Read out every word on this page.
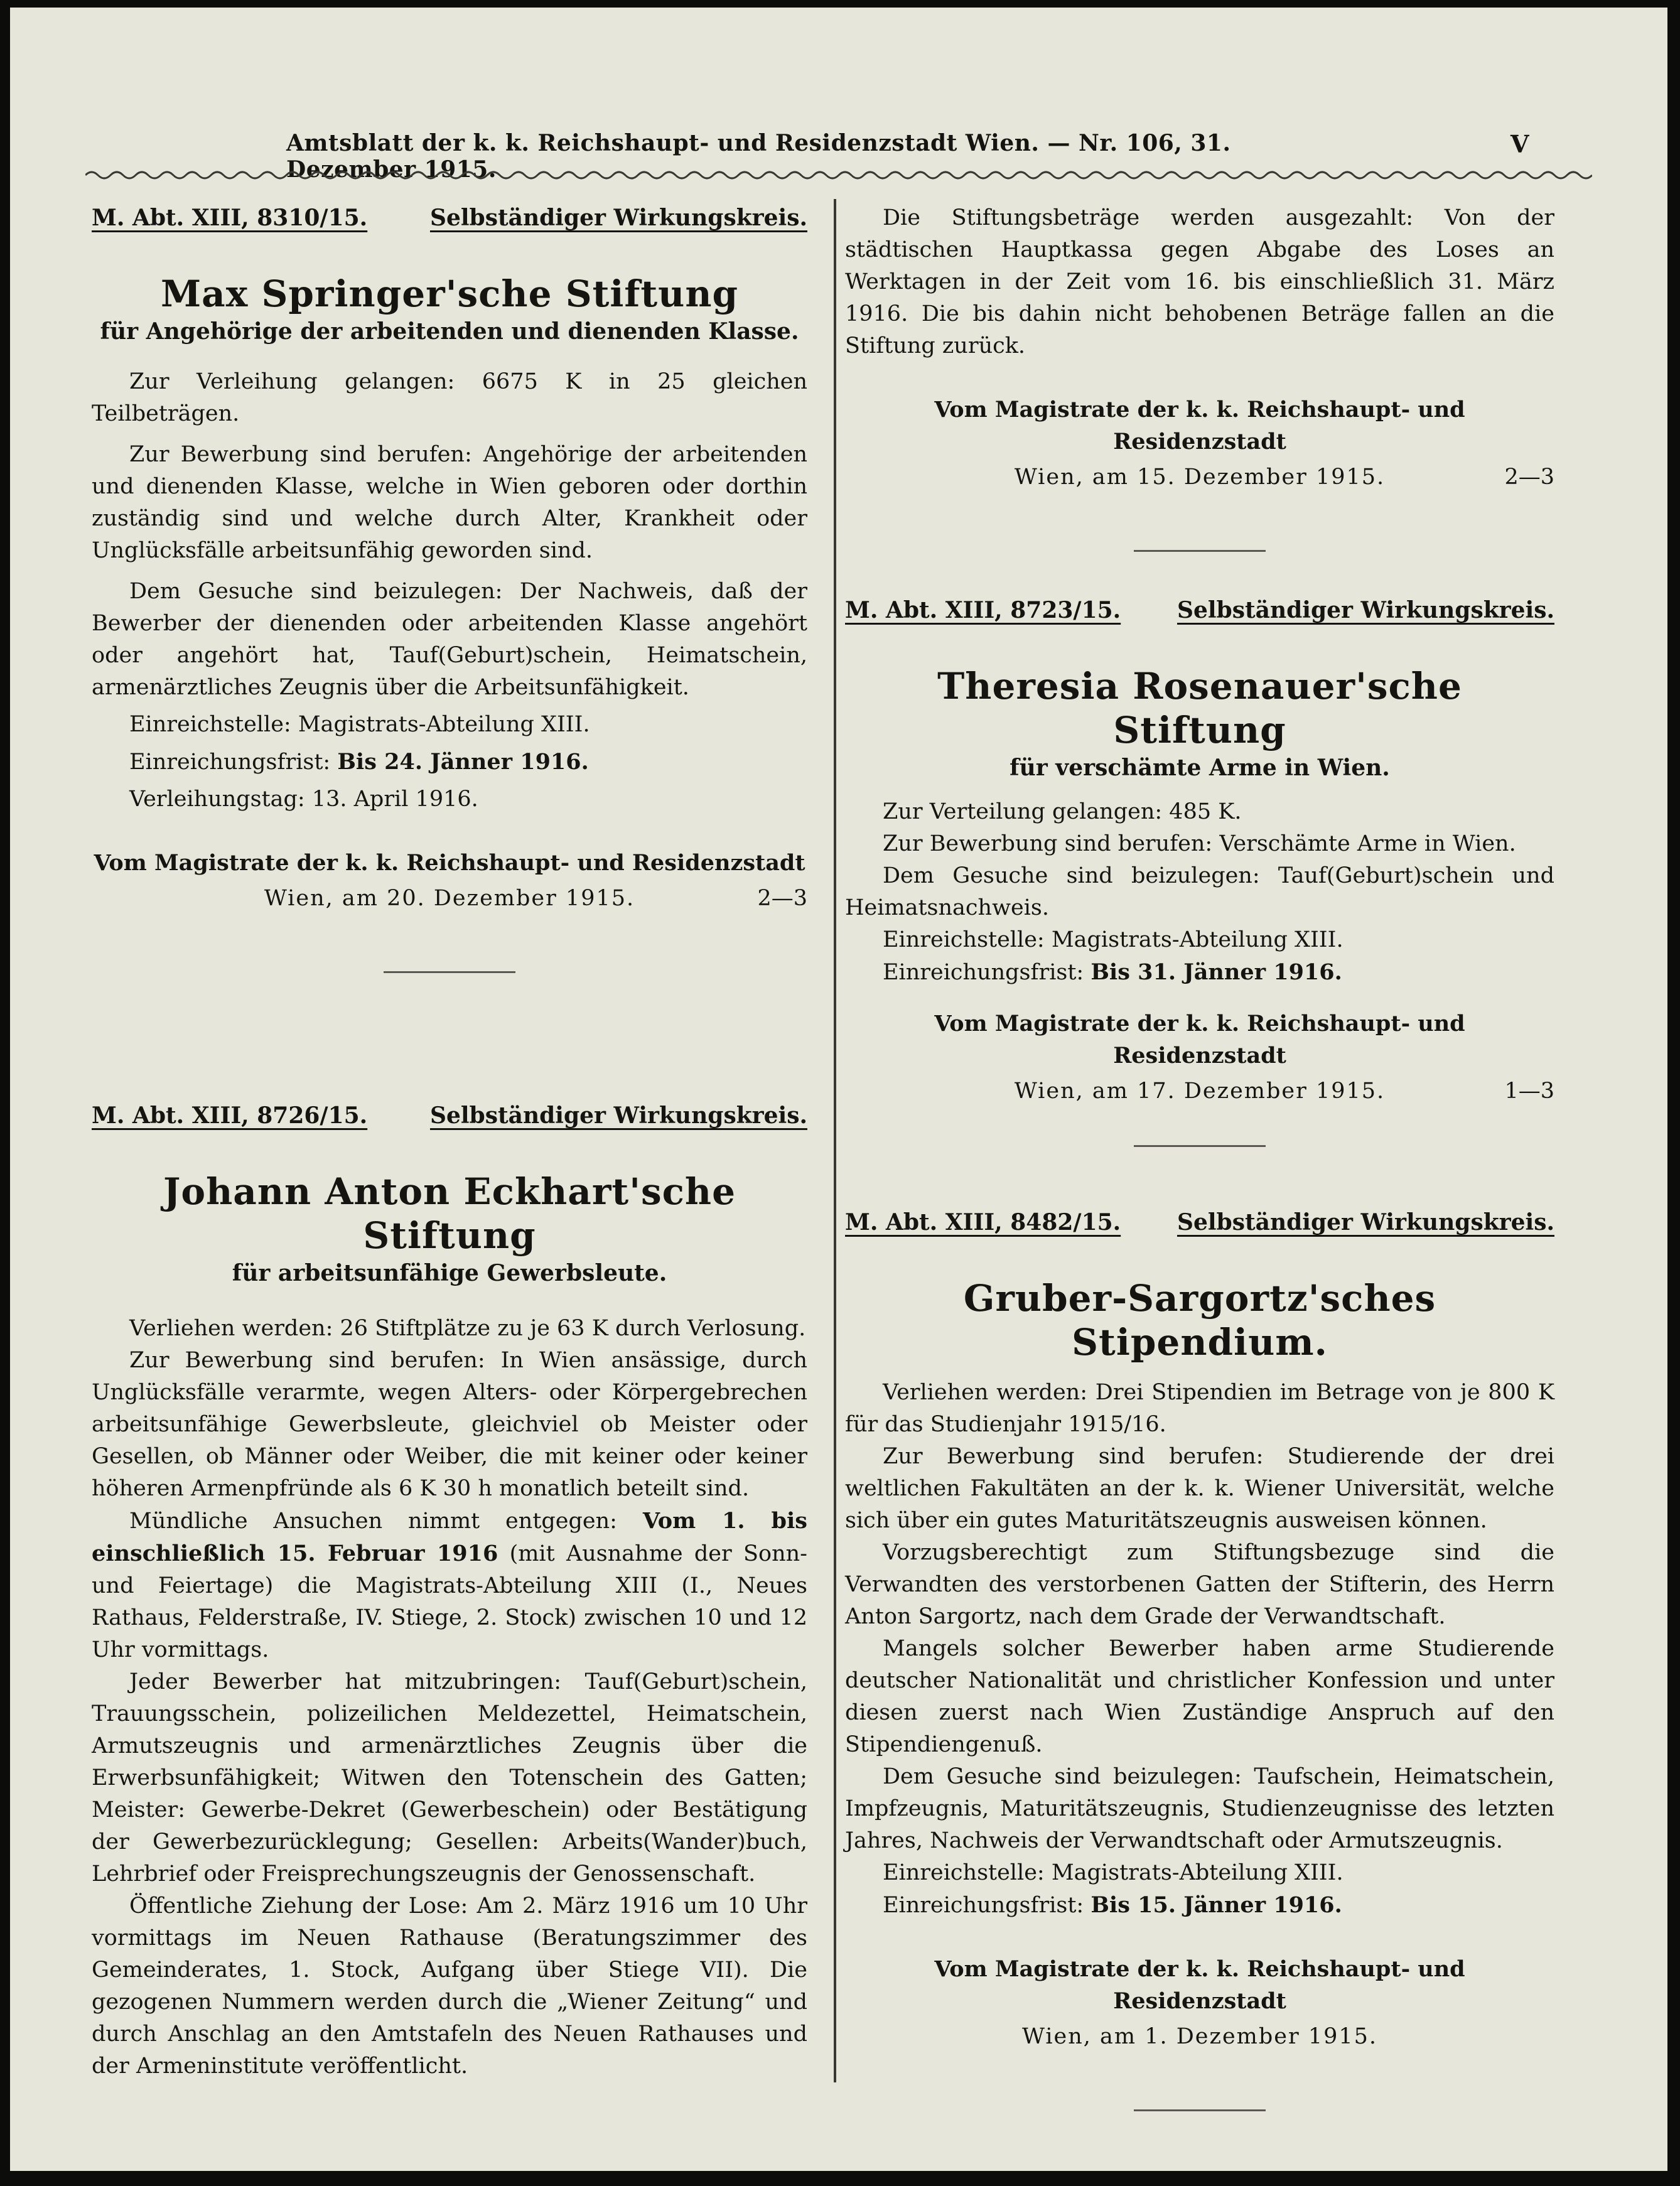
Amtsblatt der k. k. Reichshaupt- und Residenzstadt Wien. — Nr. 106, 31. Dezember 1915.
V
M. Abt. XIII, 8310/15.	Selbständiger Wirkungskreis.
Max Springer'sche Stiftung
für Angehörige der arbeitenden und dienenden Klasse.

Zur Verleihung gelangen: 6675 K in 25 gleichen Teilbeträgen.

Zur Bewerbung sind berufen: Angehörige der arbeitenden und dienenden Klasse, welche in Wien geboren oder dorthin zuständig sind und welche durch Alter, Krankheit oder Unglücksfälle arbeitsunfähig geworden sind.

Dem Gesuche sind beizulegen: Der Nachweis, daß der Bewerber der dienenden oder arbeitenden Klasse angehört oder angehört hat, Tauf(Geburt)schein, Heimatschein, armenärztliches Zeugnis über die Arbeitsunfähigkeit.

Einreichstelle: Magistrats-Abteilung XIII.

Einreichungsfrist: Bis 24. Jänner 1916.

Verleihungstag: 13. April 1916.

Vom Magistrate der k. k. Reichshaupt- und Residenzstadt
Wien, am 20. Dezember 1915.	2—3
M. Abt. XIII, 8726/15.	Selbständiger Wirkungskreis.
Johann Anton Eckhart'sche Stiftung
für arbeitsunfähige Gewerbsleute.

Verliehen werden: 26 Stiftplätze zu je 63 K durch Verlosung.

Zur Bewerbung sind berufen: In Wien ansässige, durch Unglücksfälle verarmte, wegen Alters- oder Körpergebrechen arbeitsunfähige Gewerbsleute, gleichviel ob Meister oder Gesellen, ob Männer oder Weiber, die mit keiner oder keiner höheren Armenpfründe als 6 K 30 h monatlich beteilt sind.

Mündliche Ansuchen nimmt entgegen: Vom 1. bis einschließlich 15. Februar 1916 (mit Ausnahme der Sonn- und Feiertage) die Magistrats-Abteilung XIII (I., Neues Rathaus, Felderstraße, IV. Stiege, 2. Stock) zwischen 10 und 12 Uhr vormittags.

Jeder Bewerber hat mitzubringen: Tauf(Geburt)schein, Trauungsschein, polizeilichen Meldezettel, Heimatschein, Armutszeugnis und armenärztliches Zeugnis über die Erwerbsunfähigkeit; Witwen den Totenschein des Gatten; Meister: Gewerbe-Dekret (Gewerbeschein) oder Bestätigung der Gewerbezurücklegung; Gesellen: Arbeits(Wander)buch, Lehrbrief oder Freisprechungszeugnis der Genossenschaft.

Öffentliche Ziehung der Lose: Am 2. März 1916 um 10 Uhr vormittags im Neuen Rathause (Beratungszimmer des Gemeinderates, 1. Stock, Aufgang über Stiege VII). Die gezogenen Nummern werden durch die „Wiener Zeitung“ und durch Anschlag an den Amtstafeln des Neuen Rathauses und der Armeninstitute veröffentlicht.

Die Stiftungsbeträge werden ausgezahlt: Von der städtischen Hauptkassa gegen Abgabe des Loses an Werktagen in der Zeit vom 16. bis einschließlich 31. März 1916. Die bis dahin nicht behobenen Beträge fallen an die Stiftung zurück.

Vom Magistrate der k. k. Reichshaupt- und Residenzstadt
Wien, am 15. Dezember 1915.	2—3
M. Abt. XIII, 8723/15. Selbständiger Wirkungskreis.
Theresia Rosenauer'sche Stiftung
für verschämte Arme in Wien.

Zur Verteilung gelangen: 485 K.

Zur Bewerbung sind berufen: Verschämte Arme in Wien.

Dem Gesuche sind beizulegen: Tauf(Geburt)schein und Heimatsnachweis.

Einreichstelle: Magistrats-Abteilung XIII.

Einreichungsfrist: Bis 31. Jänner 1916.

Vom Magistrate der k. k. Reichshaupt- und Residenzstadt
Wien, am 17. Dezember 1915.	1—3
M. Abt. XIII, 8482/15. Selbständiger Wirkungskreis.
Gruber-Sargortz'sches Stipendium.

Verliehen werden: Drei Stipendien im Betrage von je 800 K für das Studienjahr 1915/16.

Zur Bewerbung sind berufen: Studierende der drei weltlichen Fakultäten an der k. k. Wiener Universität, welche sich über ein gutes Maturitätszeugnis ausweisen können.

Vorzugsberechtigt zum Stiftungsbezuge sind die Verwandten des verstorbenen Gatten der Stifterin, des Herrn Anton Sargortz, nach dem Grade der Verwandtschaft.

Mangels solcher Bewerber haben arme Studierende deutscher Nationalität und christlicher Konfession und unter diesen zuerst nach Wien Zuständige Anspruch auf den Stipendiengenuß.

Dem Gesuche sind beizulegen: Taufschein, Heimatschein, Impfzeugnis, Maturitätszeugnis, Studienzeugnisse des letzten Jahres, Nachweis der Verwandtschaft oder Armutszeugnis.

Einreichstelle: Magistrats-Abteilung XIII.

Einreichungsfrist: Bis 15. Jänner 1916.

Vom Magistrate der k. k. Reichshaupt- und Residenzstadt
Wien, am 1. Dezember 1915.
